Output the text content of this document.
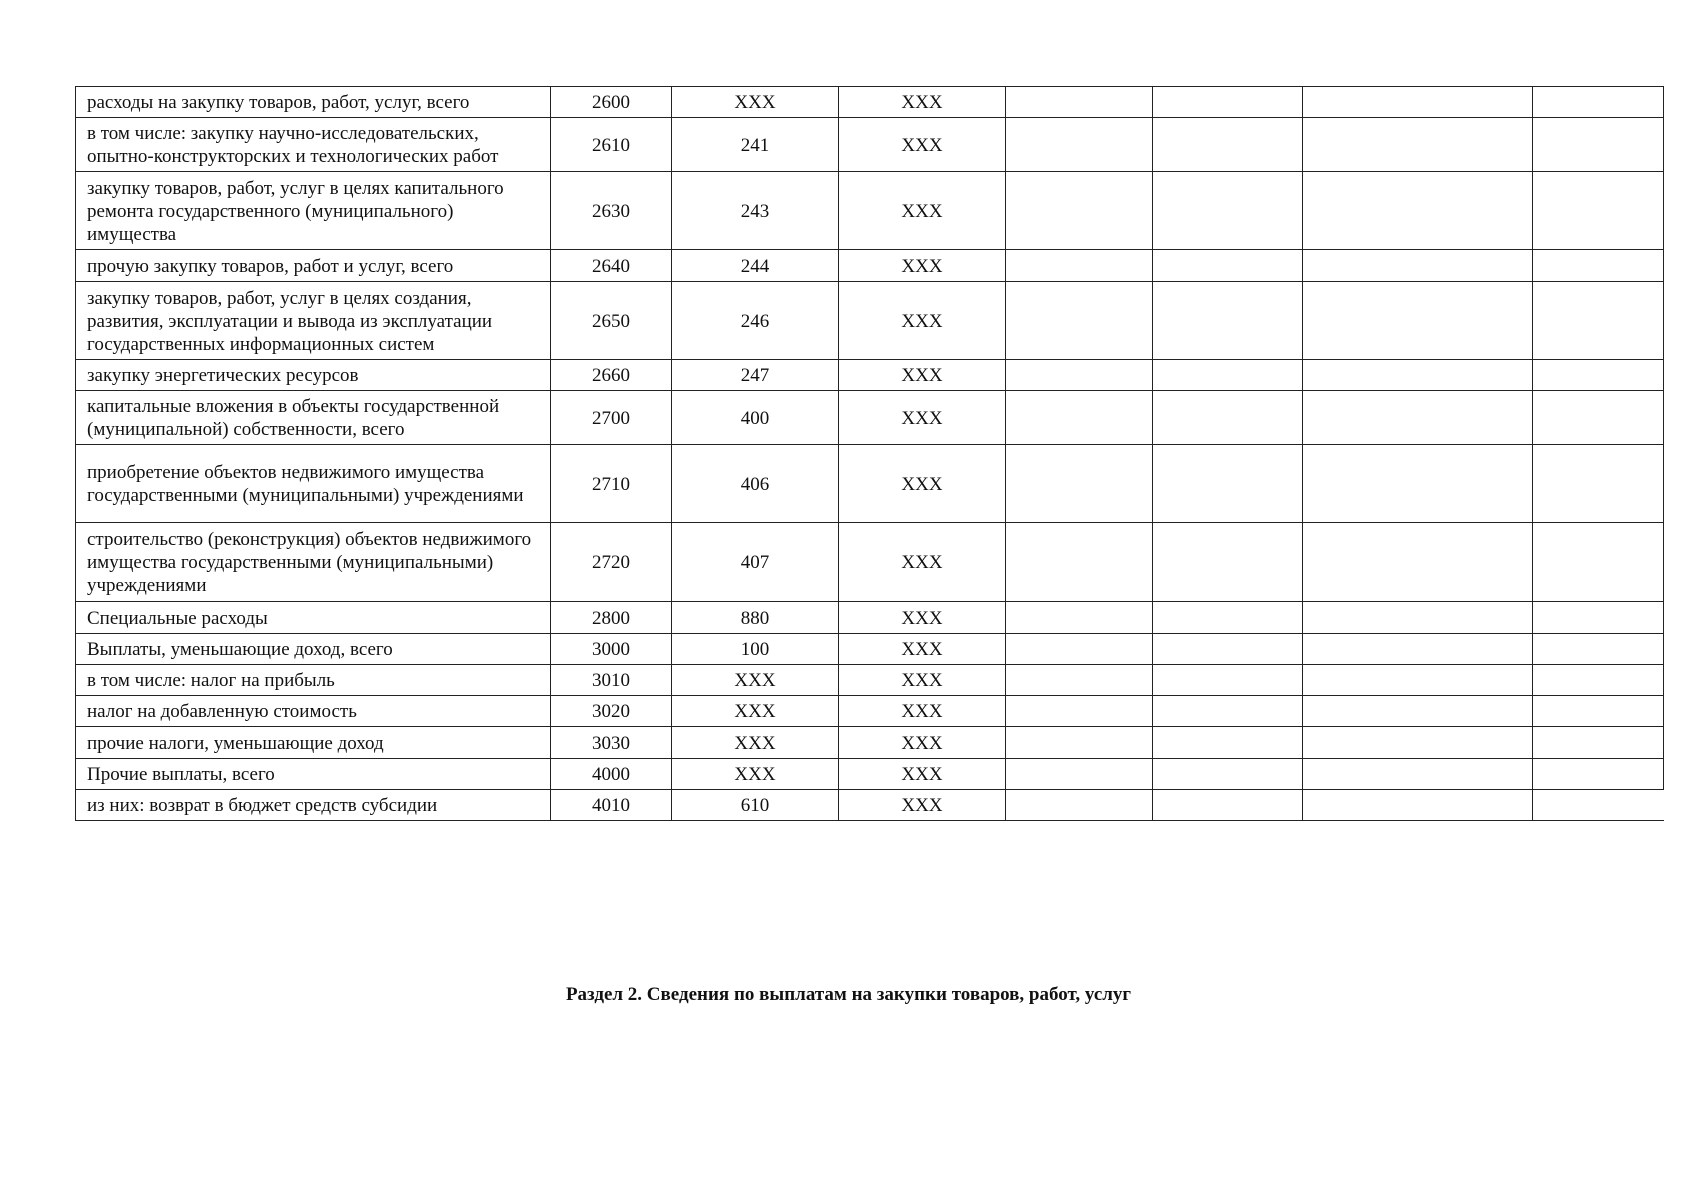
расходы на закупку товаров, работ, услуг, всего	2600	XXX	XXX				
в том числе: закупку научно-исследовательских, опытно-конструкторских и технологических работ	2610	241	XXX				
закупку товаров, работ, услуг в целях капитального ремонта государственного (муниципального) имущества	2630	243	XXX				
прочую закупку товаров, работ и услуг, всего	2640	244	XXX				
закупку товаров, работ, услуг в целях создания, развития, эксплуатации и вывода из эксплуатации государственных информационных систем	2650	246	XXX				
закупку энергетических ресурсов	2660	247	XXX				
капитальные вложения в объекты государственной (муниципальной) собственности, всего	2700	400	XXX				
приобретение объектов недвижимого имущества государственными (муниципальными) учреждениями	2710	406	XXX				
строительство (реконструкция) объектов недвижимого имущества государственными (муниципальными) учреждениями	2720	407	XXX				
Специальные расходы	2800	880	XXX				
Выплаты, уменьшающие доход, всего	3000	100	XXX				
в том числе: налог на прибыль	3010	XXX	XXX				
налог на добавленную стоимость	3020	XXX	XXX				
прочие налоги, уменьшающие доход	3030	XXX	XXX				
Прочие выплаты, всего	4000	XXX	XXX				
из них: возврат в бюджет средств субсидии	4010	610	XXX				
Раздел 2. Сведения по выплатам на закупки товаров, работ, услуг
